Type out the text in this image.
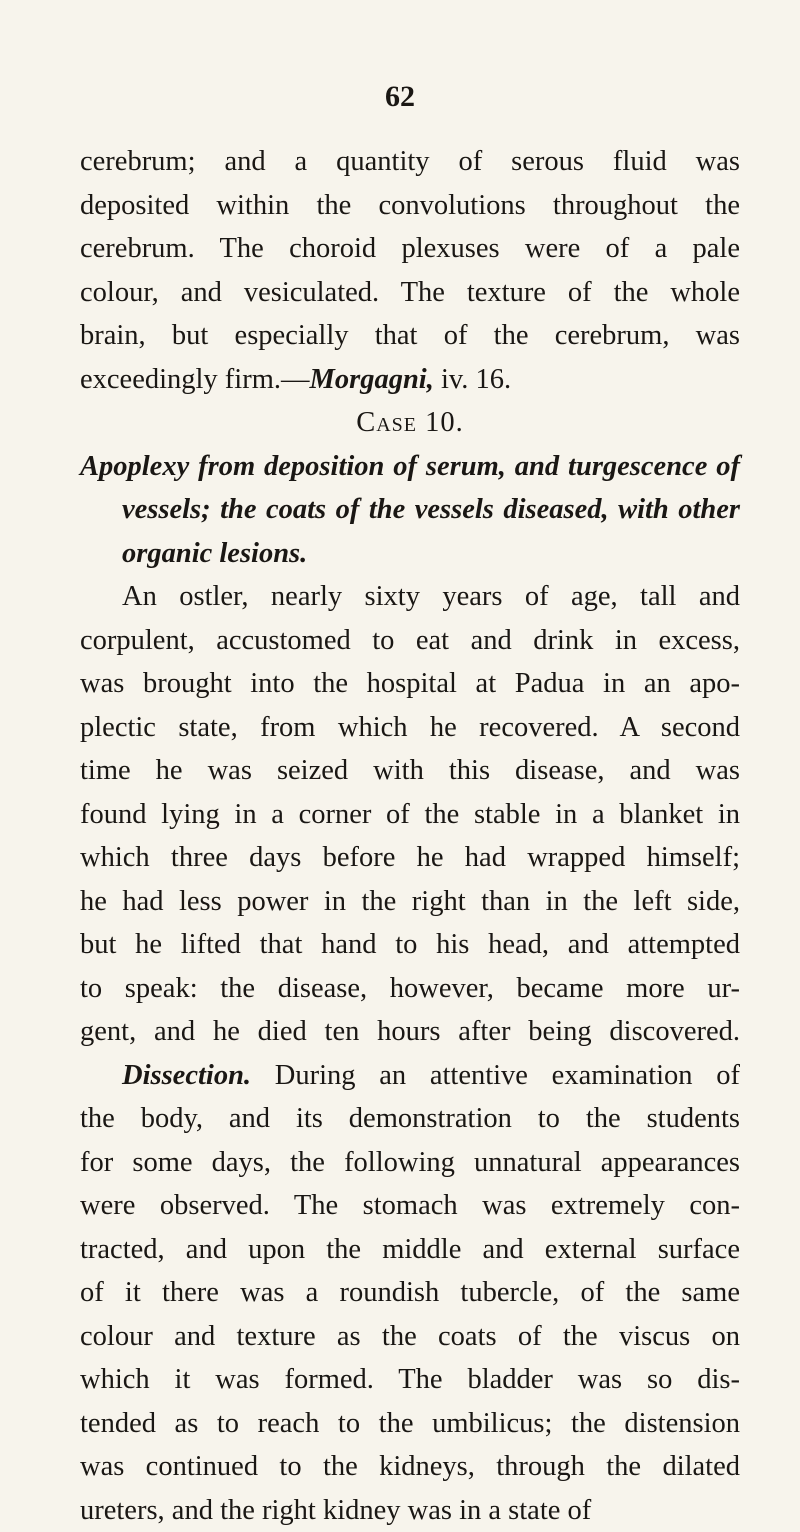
62
cerebrum; and a quantity of serous fluid was
deposited within the convolutions throughout the
cerebrum. The choroid plexuses were of a pale
colour, and vesiculated. The texture of the whole
brain, but especially that of the cerebrum, was
exceedingly firm.—Morgagni, iv. 16.
Case 10.
Apoplexy from deposition of serum, and turgescence of
vessels; the coats of the vessels diseased, with other
organic lesions.
An ostler, nearly sixty years of age, tall and
corpulent, accustomed to eat and drink in excess,
was brought into the hospital at Padua in an apo-
plectic state, from which he recovered. A second
time he was seized with this disease, and was
found lying in a corner of the stable in a blanket in
which three days before he had wrapped himself;
he had less power in the right than in the left side,
but he lifted that hand to his head, and attempted
to speak: the disease, however, became more ur-
gent, and he died ten hours after being discovered.
Dissection. During an attentive examination of
the body, and its demonstration to the students
for some days, the following unnatural appearances
were observed. The stomach was extremely con-
tracted, and upon the middle and external surface
of it there was a roundish tubercle, of the same
colour and texture as the coats of the viscus on
which it was formed. The bladder was so dis-
tended as to reach to the umbilicus; the distension
was continued to the kidneys, through the dilated
ureters, and the right kidney was in a state of
